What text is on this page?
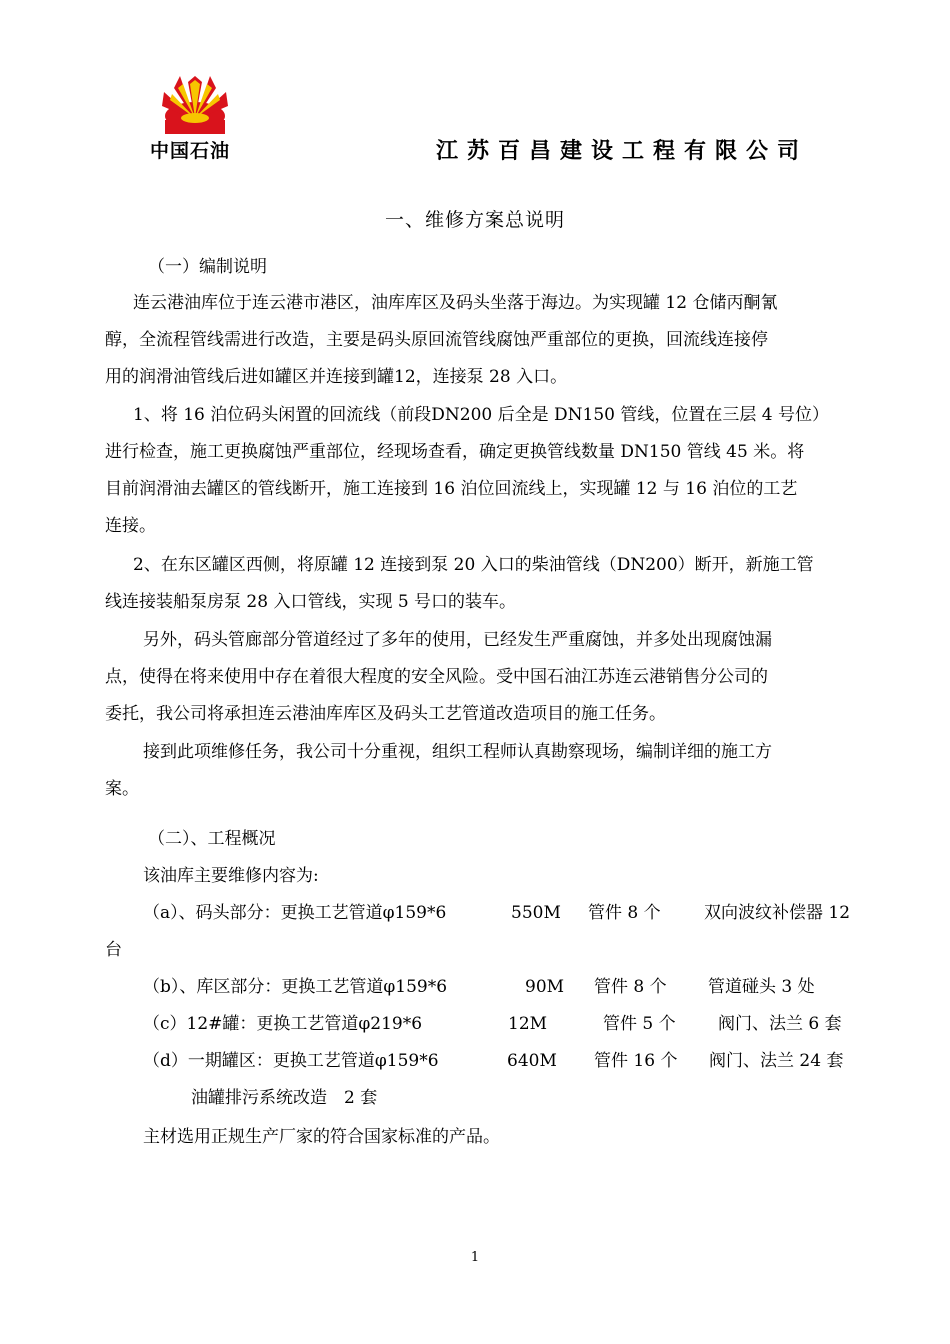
中国石油	江苏百昌建设工程有限公司
一、维修方案总说明
（一）编制说明
连云港油库位于连云港市港区，油库库区及码头坐落于海边。为实现罐 12 仓储丙酮氰
醇，全流程管线需进行改造，主要是码头原回流管线腐蚀严重部位的更换，回流线连接停
用的润滑油管线后进如罐区并连接到罐12，连接泵 28 入口。
1、将 16 泊位码头闲置的回流线（前段DN200 后全是 DN150 管线，位置在三层 4 号位）
进行检查，施工更换腐蚀严重部位，经现场查看，确定更换管线数量 DN150 管线 45 米。将
目前润滑油去罐区的管线断开，施工连接到 16 泊位回流线上，实现罐 12 与 16 泊位的工艺
连接。
2、在东区罐区西侧，将原罐 12 连接到泵 20 入口的柴油管线（DN200）断开，新施工管
线连接装船泵房泵 28 入口管线，实现 5 号口的装车。
另外，码头管廊部分管道经过了多年的使用，已经发生严重腐蚀，并多处出现腐蚀漏
点，使得在将来使用中存在着很大程度的安全风险。受中国石油江苏连云港销售分公司的
委托，我公司将承担连云港油库库区及码头工艺管道改造项目的施工任务。
接到此项维修任务，我公司十分重视，组织工程师认真勘察现场，编制详细的施工方
案。
（二）、工程概况
该油库主要维修内容为:
（a）、码头部分：更换工艺管道φ159*6	550M 管件 8 个	双向波纹补偿器 12
台
（b）、库区部分：更换工艺管道φ159*6	90M 管件 8 个 管道碰头 3 处
（c）12#罐：更换工艺管道φ219*6	12M	管件 5 个 阀门、法兰 6 套
（d）一期罐区：更换工艺管道φ159*6	640M 管件 16 个 阀门、法兰 24 套
油罐排污系统改造　2 套
主材选用正规生产厂家的符合国家标准的产品。
1
